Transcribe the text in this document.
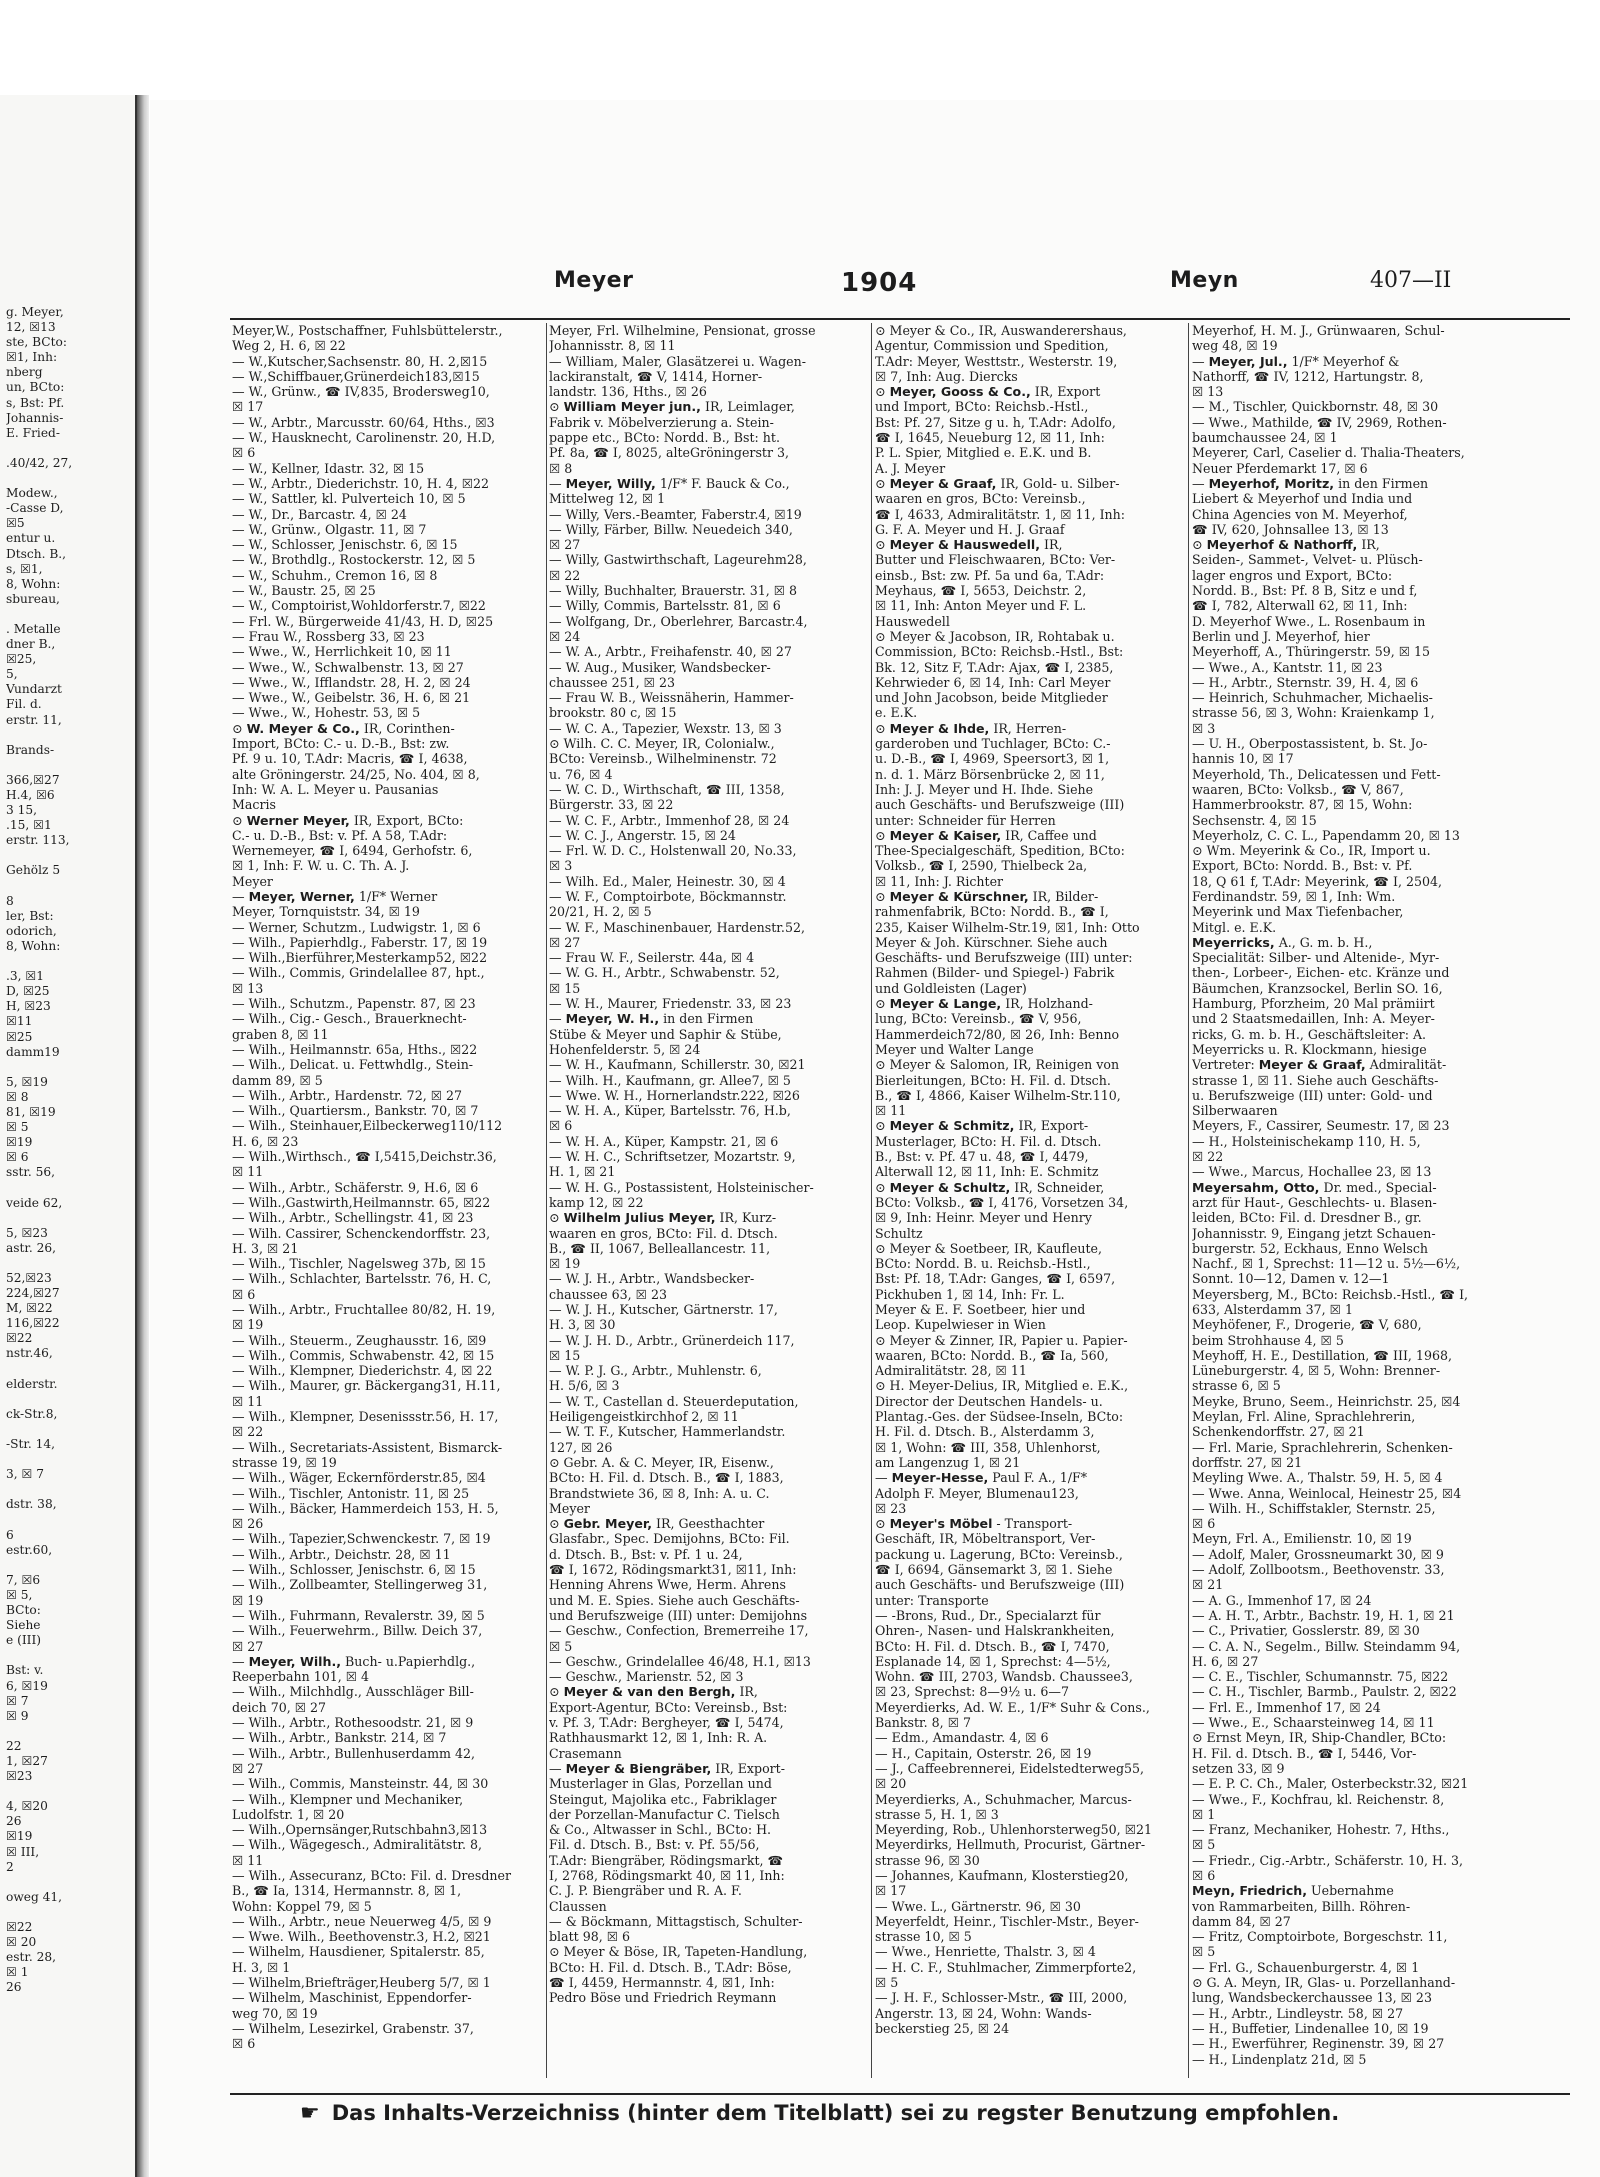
g. Meyer,
12, ☒13
ste, BCto:
☒1, Inh:
nberg
un, BCto:
s, Bst: Pf.
Johannis-
E. Fried-
.40/42, 27,
Modew.,
-Casse D,
☒5
entur u.
Dtsch. B.,
s, ☒1,
8, Wohn:
sbureau,
. Metalle
dner B.,
☒25,
5,
Vundarzt
Fil. d.
erstr. 11,
Brands-
366,☒27
H.4, ☒6
3 15,
.15, ☒1
erstr. 113,
Gehölz 5
8
ler, Bst:
odorich,
8, Wohn:
.3, ☒1
D, ☒25
H, ☒23
☒11
☒25
damm19
5, ☒19
☒ 8
81, ☒19
☒ 5
☒19
☒ 6
sstr. 56,
veide 62,
5, ☒23
astr. 26,
52,☒23
224,☒27
M, ☒22
116,☒22
☒22
nstr.46,
elderstr.
ck-Str.8,
-Str. 14,
3, ☒ 7
dstr. 38,
6
estr.60,
7, ☒6
☒ 5,
BCto:
Siehe
e (III)
Bst: v.
6, ☒19
☒ 7
☒ 9
22
1, ☒27
☒23
4, ☒20
26
☒19
☒ III,
2
oweg 41,
☒22
☒ 20
estr. 28,
☒ 1
26
Meyer	1904	Meyn	407—II
Meyer,W., Postschaffner, Fuhlsbüttelerstr.,
Weg 2, H. 6, ☒ 22
— W.,Kutscher,Sachsenstr. 80, H. 2,☒15
— W.,Schiffbauer,Grünerdeich183,☒15
— W., Grünw., ☎ IV,835, Brodersweg10,
☒ 17
— W., Arbtr., Marcusstr. 60/64, Hths., ☒3
— W., Hausknecht, Carolinenstr. 20, H.D,
☒ 6
— W., Kellner, Idastr. 32, ☒ 15
— W., Arbtr., Diederichstr. 10, H. 4, ☒22
— W., Sattler, kl. Pulverteich 10, ☒ 5
— W., Dr., Barcastr. 4, ☒ 24
— W., Grünw., Olgastr. 11, ☒ 7
— W., Schlosser, Jenischstr. 6, ☒ 15
— W., Brothdlg., Rostockerstr. 12, ☒ 5
— W., Schuhm., Cremon 16, ☒ 8
— W., Baustr. 25, ☒ 25
— W., Comptoirist,Wohldorferstr.7, ☒22
— Frl. W., Bürgerweide 41/43, H. D, ☒25
— Frau W., Rossberg 33, ☒ 23
— Wwe., W., Herrlichkeit 10, ☒ 11
— Wwe., W., Schwalbenstr. 13, ☒ 27
— Wwe., W., Ifflandstr. 28, H. 2, ☒ 24
— Wwe., W., Geibelstr. 36, H. 6, ☒ 21
— Wwe., W., Hohestr. 53, ☒ 5
⊙ W. Meyer & Co., IR, Corinthen-
Import, BCto: C.- u. D.-B., Bst: zw.
Pf. 9 u. 10, T.Adr: Macris, ☎ I, 4638,
alte Gröningerstr. 24/25, No. 404, ☒ 8,
Inh: W. A. L. Meyer u. Pausanias
Macris
⊙ Werner Meyer, IR, Export, BCto:
C.- u. D.-B., Bst: v. Pf. A 58, T.Adr:
Wernemeyer, ☎ I, 6494, Gerhofstr. 6,
☒ 1, Inh: F. W. u. C. Th. A. J.
Meyer
— Meyer, Werner, 1/F* Werner
Meyer, Tornquiststr. 34, ☒ 19
— Werner, Schutzm., Ludwigstr. 1, ☒ 6
— Wilh., Papierhdlg., Faberstr. 17, ☒ 19
— Wilh.,Bierführer,Mesterkamp52, ☒22
— Wilh., Commis, Grindelallee 87, hpt.,
☒ 13
— Wilh., Schutzm., Papenstr. 87, ☒ 23
— Wilh., Cig.- Gesch., Brauerknecht-
graben 8, ☒ 11
— Wilh., Heilmannstr. 65a, Hths., ☒22
— Wilh., Delicat. u. Fettwhdlg., Stein-
damm 89, ☒ 5
— Wilh., Arbtr., Hardenstr. 72, ☒ 27
— Wilh., Quartiersm., Bankstr. 70, ☒ 7
— Wilh., Steinhauer,Eilbeckerweg110/112
H. 6, ☒ 23
— Wilh.,Wirthsch., ☎ I,5415,Deichstr.36,
☒ 11
— Wilh., Arbtr., Schäferstr. 9, H.6, ☒ 6
— Wilh.,Gastwirth,Heilmannstr. 65, ☒22
— Wilh., Arbtr., Schellingstr. 41, ☒ 23
— Wilh. Cassirer, Schenckendorffstr. 23,
H. 3, ☒ 21
— Wilh., Tischler, Nagelsweg 37b, ☒ 15
— Wilh., Schlachter, Bartelsstr. 76, H. C,
☒ 6
— Wilh., Arbtr., Fruchtallee 80/82, H. 19,
☒ 19
— Wilh., Steuerm., Zeughausstr. 16, ☒9
— Wilh., Commis, Schwabenstr. 42, ☒ 15
— Wilh., Klempner, Diederichstr. 4, ☒ 22
— Wilh., Maurer, gr. Bäckergang31, H.11,
☒ 11
— Wilh., Klempner, Desenissstr.56, H. 17,
☒ 22
— Wilh., Secretariats-Assistent, Bismarck-
strasse 19, ☒ 19
— Wilh., Wäger, Eckernförderstr.85, ☒4
— Wilh., Tischler, Antonistr. 11, ☒ 25
— Wilh., Bäcker, Hammerdeich 153, H. 5,
☒ 26
— Wilh., Tapezier,Schwenckestr. 7, ☒ 19
— Wilh., Arbtr., Deichstr. 28, ☒ 11
— Wilh., Schlosser, Jenischstr. 6, ☒ 15
— Wilh., Zollbeamter, Stellingerweg 31,
☒ 19
— Wilh., Fuhrmann, Revalerstr. 39, ☒ 5
— Wilh., Feuerwehrm., Billw. Deich 37,
☒ 27
— Meyer, Wilh., Buch- u.Papierhdlg.,
Reeperbahn 101, ☒ 4
— Wilh., Milchhdlg., Ausschläger Bill-
deich 70, ☒ 27
— Wilh., Arbtr., Rothesoodstr. 21, ☒ 9
— Wilh., Arbtr., Bankstr. 214, ☒ 7
— Wilh., Arbtr., Bullenhuserdamm 42,
☒ 27
— Wilh., Commis, Mansteinstr. 44, ☒ 30
— Wilh., Klempner und Mechaniker,
Ludolfstr. 1, ☒ 20
— Wilh.,Opernsänger,Rutschbahn3,☒13
— Wilh., Wägegesch., Admiralitätstr. 8,
☒ 11
— Wilh., Assecuranz, BCto: Fil. d. Dresdner
B., ☎ Ia, 1314, Hermannstr. 8, ☒ 1,
Wohn: Koppel 79, ☒ 5
— Wilh., Arbtr., neue Neuerweg 4/5, ☒ 9
— Wwe. Wilh., Beethovenstr.3, H.2, ☒21
— Wilhelm, Hausdiener, Spitalerstr. 85,
H. 3, ☒ 1
— Wilhelm,Briefträger,Heuberg 5/7, ☒ 1
— Wilhelm, Maschinist, Eppendorfer-
weg 70, ☒ 19
— Wilhelm, Lesezirkel, Grabenstr. 37,
☒ 6
Meyer, Frl. Wilhelmine, Pensionat, grosse
Johannisstr. 8, ☒ 11
— William, Maler, Glasätzerei u. Wagen-
lackiranstalt, ☎ V, 1414, Horner-
landstr. 136, Hths., ☒ 26
⊙ William Meyer jun., IR, Leimlager,
Fabrik v. Möbelverzierung a. Stein-
pappe etc., BCto: Nordd. B., Bst: ht.
Pf. 8a, ☎ I, 8025, alteGröningerstr 3,
☒ 8
— Meyer, Willy, 1/F* F. Bauck & Co.,
Mittelweg 12, ☒ 1
— Willy, Vers.-Beamter, Faberstr.4, ☒19
— Willy, Färber, Billw. Neuedeich 340,
☒ 27
— Willy, Gastwirthschaft, Lageurehm28,
☒ 22
— Willy, Buchhalter, Brauerstr. 31, ☒ 8
— Willy, Commis, Bartelsstr. 81, ☒ 6
— Wolfgang, Dr., Oberlehrer, Barcastr.4,
☒ 24
— W. A., Arbtr., Freihafenstr. 40, ☒ 27
— W. Aug., Musiker, Wandsbecker-
chaussee 251, ☒ 23
— Frau W. B., Weissnäherin, Hammer-
brookstr. 80 c, ☒ 15
— W. C. A., Tapezier, Wexstr. 13, ☒ 3
⊙ Wilh. C. C. Meyer, IR, Colonialw.,
BCto: Vereinsb., Wilhelminenstr. 72
u. 76, ☒ 4
— W. C. D., Wirthschaft, ☎ III, 1358,
Bürgerstr. 33, ☒ 22
— W. C. F., Arbtr., Immenhof 28, ☒ 24
— W. C. J., Angerstr. 15, ☒ 24
— Frl. W. D. C., Holstenwall 20, No.33,
☒ 3
— Wilh. Ed., Maler, Heinestr. 30, ☒ 4
— W. F., Comptoirbote, Böckmannstr.
20/21, H. 2, ☒ 5
— W. F., Maschinenbauer, Hardenstr.52,
☒ 27
— Frau W. F., Seilerstr. 44a, ☒ 4
— W. G. H., Arbtr., Schwabenstr. 52,
☒ 15
— W. H., Maurer, Friedenstr. 33, ☒ 23
— Meyer, W. H., in den Firmen
Stübe & Meyer und Saphir & Stübe,
Hohenfelderstr. 5, ☒ 24
— W. H., Kaufmann, Schillerstr. 30, ☒21
— Wilh. H., Kaufmann, gr. Allee7, ☒ 5
— Wwe. W. H., Hornerlandstr.222, ☒26
— W. H. A., Küper, Bartelsstr. 76, H.b,
☒ 6
— W. H. A., Küper, Kampstr. 21, ☒ 6
— W. H. C., Schriftsetzer, Mozartstr. 9,
H. 1, ☒ 21
— W. H. G., Postassistent, Holsteinischer-
kamp 12, ☒ 22
⊙ Wilhelm Julius Meyer, IR, Kurz-
waaren en gros, BCto: Fil. d. Dtsch.
B., ☎ II, 1067, Belleallancestr. 11,
☒ 19
— W. J. H., Arbtr., Wandsbecker-
chaussee 63, ☒ 23
— W. J. H., Kutscher, Gärtnerstr. 17,
H. 3, ☒ 30
— W. J. H. D., Arbtr., Grünerdeich 117,
☒ 15
— W. P. J. G., Arbtr., Muhlenstr. 6,
H. 5/6, ☒ 3
— W. T., Castellan d. Steuerdeputation,
Heiligengeistkirchhof 2, ☒ 11
— W. T. F., Kutscher, Hammerlandstr.
127, ☒ 26
⊙ Gebr. A. & C. Meyer, IR, Eisenw.,
BCto: H. Fil. d. Dtsch. B., ☎ I, 1883,
Brandstwiete 36, ☒ 8, Inh: A. u. C.
Meyer
⊙ Gebr. Meyer, IR, Geesthachter
Glasfabr., Spec. Demijohns, BCto: Fil.
d. Dtsch. B., Bst: v. Pf. 1 u. 24,
☎ I, 1672, Rödingsmarkt31, ☒11, Inh:
Henning Ahrens Wwe, Herm. Ahrens
und M. E. Spies. Siehe auch Geschäfts-
und Berufszweige (III) unter: Demijohns
— Geschw., Confection, Bremerreihe 17,
☒ 5
— Geschw., Grindelallee 46/48, H.1, ☒13
— Geschw., Marienstr. 52, ☒ 3
⊙ Meyer & van den Bergh, IR,
Export-Agentur, BCto: Vereinsb., Bst:
v. Pf. 3, T.Adr: Bergheyer, ☎ I, 5474,
Rathhausmarkt 12, ☒ 1, Inh: R. A.
Crasemann
— Meyer & Biengräber, IR, Export-
Musterlager in Glas, Porzellan und
Steingut, Majolika etc., Fabriklager
der Porzellan-Manufactur C. Tielsch
& Co., Altwasser in Schl., BCto: H.
Fil. d. Dtsch. B., Bst: v. Pf. 55/56,
T.Adr: Biengräber, Rödingsmarkt, ☎
I, 2768, Rödingsmarkt 40, ☒ 11, Inh:
C. J. P. Biengräber und R. A. F.
Claussen
— & Böckmann, Mittagstisch, Schulter-
blatt 98, ☒ 6
⊙ Meyer & Böse, IR, Tapeten-Handlung,
BCto: H. Fil. d. Dtsch. B., T.Adr: Böse,
☎ I, 4459, Hermannstr. 4, ☒1, Inh:
Pedro Böse und Friedrich Reymann
⊙ Meyer & Co., IR, Auswanderershaus,
Agentur, Commission und Spedition,
T.Adr: Meyer, Westtstr., Westerstr. 19,
☒ 7, Inh: Aug. Diercks
⊙ Meyer, Gooss & Co., IR, Export
und Import, BCto: Reichsb.-Hstl.,
Bst: Pf. 27, Sitze g u. h, T.Adr: Adolfo,
☎ I, 1645, Neueburg 12, ☒ 11, Inh:
P. L. Spier, Mitglied e. E.K. und B.
A. J. Meyer
⊙ Meyer & Graaf, IR, Gold- u. Silber-
waaren en gros, BCto: Vereinsb.,
☎ I, 4633, Admiralitätstr. 1, ☒ 11, Inh:
G. F. A. Meyer und H. J. Graaf
⊙ Meyer & Hauswedell, IR,
Butter und Fleischwaaren, BCto: Ver-
einsb., Bst: zw. Pf. 5a und 6a, T.Adr:
Meyhaus, ☎ I, 5653, Deichstr. 2,
☒ 11, Inh: Anton Meyer und F. L.
Hauswedell
⊙ Meyer & Jacobson, IR, Rohtabak u.
Commission, BCto: Reichsb.-Hstl., Bst:
Bk. 12, Sitz F, T.Adr: Ajax, ☎ I, 2385,
Kehrwieder 6, ☒ 14, Inh: Carl Meyer
und John Jacobson, beide Mitglieder
e. E.K.
⊙ Meyer & Ihde, IR, Herren-
garderoben und Tuchlager, BCto: C.-
u. D.-B., ☎ I, 4969, Speersort3, ☒ 1,
n. d. 1. März Börsenbrücke 2, ☒ 11,
Inh: J. J. Meyer und H. Ihde. Siehe
auch Geschäfts- und Berufszweige (III)
unter: Schneider für Herren
⊙ Meyer & Kaiser, IR, Caffee und
Thee-Specialgeschäft, Spedition, BCto:
Volksb., ☎ I, 2590, Thielbeck 2a,
☒ 11, Inh: J. Richter
⊙ Meyer & Kürschner, IR, Bilder-
rahmenfabrik, BCto: Nordd. B., ☎ I,
235, Kaiser Wilhelm-Str.19, ☒1, Inh: Otto
Meyer & Joh. Kürschner. Siehe auch
Geschäfts- und Berufszweige (III) unter:
Rahmen (Bilder- und Spiegel-) Fabrik
und Goldleisten (Lager)
⊙ Meyer & Lange, IR, Holzhand-
lung, BCto: Vereinsb., ☎ V, 956,
Hammerdeich72/80, ☒ 26, Inh: Benno
Meyer und Walter Lange
⊙ Meyer & Salomon, IR, Reinigen von
Bierleitungen, BCto: H. Fil. d. Dtsch.
B., ☎ I, 4866, Kaiser Wilhelm-Str.110,
☒ 11
⊙ Meyer & Schmitz, IR, Export-
Musterlager, BCto: H. Fil. d. Dtsch.
B., Bst: v. Pf. 47 u. 48, ☎ I, 4479,
Alterwall 12, ☒ 11, Inh: E. Schmitz
⊙ Meyer & Schultz, IR, Schneider,
BCto: Volksb., ☎ I, 4176, Vorsetzen 34,
☒ 9, Inh: Heinr. Meyer und Henry
Schultz
⊙ Meyer & Soetbeer, IR, Kaufleute,
BCto: Nordd. B. u. Reichsb.-Hstl.,
Bst: Pf. 18, T.Adr: Ganges, ☎ I, 6597,
Pickhuben 1, ☒ 14, Inh: Fr. L.
Meyer & E. F. Soetbeer, hier und
Leop. Kupelwieser in Wien
⊙ Meyer & Zinner, IR, Papier u. Papier-
waaren, BCto: Nordd. B., ☎ Ia, 560,
Admiralitätstr. 28, ☒ 11
⊙ H. Meyer-Delius, IR, Mitglied e. E.K.,
Director der Deutschen Handels- u.
Plantag.-Ges. der Südsee-Inseln, BCto:
H. Fil. d. Dtsch. B., Alsterdamm 3,
☒ 1, Wohn: ☎ III, 358, Uhlenhorst,
am Langenzug 1, ☒ 21
— Meyer-Hesse, Paul F. A., 1/F*
Adolph F. Meyer, Blumenau123,
☒ 23
⊙ Meyer's Möbel - Transport-
Geschäft, IR, Möbeltransport, Ver-
packung u. Lagerung, BCto: Vereinsb.,
☎ I, 6694, Gänsemarkt 3, ☒ 1. Siehe
auch Geschäfts- und Berufszweige (III)
unter: Transporte
— -Brons, Rud., Dr., Specialarzt für
Ohren-, Nasen- und Halskrankheiten,
BCto: H. Fil. d. Dtsch. B., ☎ I, 7470,
Esplanade 14, ☒ 1, Sprechst: 4—5½,
Wohn. ☎ III, 2703, Wandsb. Chaussee3,
☒ 23, Sprechst: 8—9½ u. 6—7
Meyerdierks, Ad. W. E., 1/F* Suhr & Cons.,
Bankstr. 8, ☒ 7
— Edm., Amandastr. 4, ☒ 6
— H., Capitain, Osterstr. 26, ☒ 19
— J., Caffeebrennerei, Eidelstedterweg55,
☒ 20
Meyerdierks, A., Schuhmacher, Marcus-
strasse 5, H. 1, ☒ 3
Meyerding, Rob., Uhlenhorsterweg50, ☒21
Meyerdirks, Hellmuth, Procurist, Gärtner-
strasse 96, ☒ 30
— Johannes, Kaufmann, Klosterstieg20,
☒ 17
— Wwe. L., Gärtnerstr. 96, ☒ 30
Meyerfeldt, Heinr., Tischler-Mstr., Beyer-
strasse 10, ☒ 5
— Wwe., Henriette, Thalstr. 3, ☒ 4
— H. C. F., Stuhlmacher, Zimmerpforte2,
☒ 5
— J. H. F., Schlosser-Mstr., ☎ III, 2000,
Angerstr. 13, ☒ 24, Wohn: Wands-
beckerstieg 25, ☒ 24
Meyerhof, H. M. J., Grünwaaren, Schul-
weg 48, ☒ 19
— Meyer, Jul., 1/F* Meyerhof &
Nathorff, ☎ IV, 1212, Hartungstr. 8,
☒ 13
— M., Tischler, Quickbornstr. 48, ☒ 30
— Wwe., Mathilde, ☎ IV, 2969, Rothen-
baumchaussee 24, ☒ 1
Meyerer, Carl, Caselier d. Thalia-Theaters,
Neuer Pferdemarkt 17, ☒ 6
— Meyerhof, Moritz, in den Firmen
Liebert & Meyerhof und India und
China Agencies von M. Meyerhof,
☎ IV, 620, Johnsallee 13, ☒ 13
⊙ Meyerhof & Nathorff, IR,
Seiden-, Sammet-, Velvet- u. Plüsch-
lager engros und Export, BCto:
Nordd. B., Bst: Pf. 8 B, Sitz e und f,
☎ I, 782, Alterwall 62, ☒ 11, Inh:
D. Meyerhof Wwe., L. Rosenbaum in
Berlin und J. Meyerhof, hier
Meyerhoff, A., Thüringerstr. 59, ☒ 15
— Wwe., A., Kantstr. 11, ☒ 23
— H., Arbtr., Sternstr. 39, H. 4, ☒ 6
— Heinrich, Schuhmacher, Michaelis-
strasse 56, ☒ 3, Wohn: Kraienkamp 1,
☒ 3
— U. H., Oberpostassistent, b. St. Jo-
hannis 10, ☒ 17
Meyerhold, Th., Delicatessen und Fett-
waaren, BCto: Volksb., ☎ V, 867,
Hammerbrookstr. 87, ☒ 15, Wohn:
Sechsenstr. 4, ☒ 15
Meyerholz, C. C. L., Papendamm 20, ☒ 13
⊙ Wm. Meyerink & Co., IR, Import u.
Export, BCto: Nordd. B., Bst: v. Pf.
18, Q 61 f, T.Adr: Meyerink, ☎ I, 2504,
Ferdinandstr. 59, ☒ 1, Inh: Wm.
Meyerink und Max Tiefenbacher,
Mitgl. e. E.K.
Meyerricks, A., G. m. b. H.,
Specialität: Silber- und Altenide-, Myr-
then-, Lorbeer-, Eichen- etc. Kränze und
Bäumchen, Kranzsockel, Berlin SO. 16,
Hamburg, Pforzheim, 20 Mal prämiirt
und 2 Staatsmedaillen, Inh: A. Meyer-
ricks, G. m. b. H., Geschäftsleiter: A.
Meyerricks u. R. Klockmann, hiesige
Vertreter: Meyer & Graaf, Admiralität-
strasse 1, ☒ 11. Siehe auch Geschäfts-
u. Berufszweige (III) unter: Gold- und
Silberwaaren
Meyers, F., Cassirer, Seumestr. 17, ☒ 23
— H., Holsteinischekamp 110, H. 5,
☒ 22
— Wwe., Marcus, Hochallee 23, ☒ 13
Meyersahm, Otto, Dr. med., Special-
arzt für Haut-, Geschlechts- u. Blasen-
leiden, BCto: Fil. d. Dresdner B., gr.
Johannisstr. 9, Eingang jetzt Schauen-
burgerstr. 52, Eckhaus, Enno Welsch
Nachf., ☒ 1, Sprechst: 11—12 u. 5½—6½,
Sonnt. 10—12, Damen v. 12—1
Meyersberg, M., BCto: Reichsb.-Hstl., ☎ I,
633, Alsterdamm 37, ☒ 1
Meyhöfener, F., Drogerie, ☎ V, 680,
beim Strohhause 4, ☒ 5
Meyhoff, H. E., Destillation, ☎ III, 1968,
Lüneburgerstr. 4, ☒ 5, Wohn: Brenner-
strasse 6, ☒ 5
Meyke, Bruno, Seem., Heinrichstr. 25, ☒4
Meylan, Frl. Aline, Sprachlehrerin,
Schenkendorffstr. 27, ☒ 21
— Frl. Marie, Sprachlehrerin, Schenken-
dorffstr. 27, ☒ 21
Meyling Wwe. A., Thalstr. 59, H. 5, ☒ 4
— Wwe. Anna, Weinlocal, Heinestr 25, ☒4
— Wilh. H., Schiffstakler, Sternstr. 25,
☒ 6
Meyn, Frl. A., Emilienstr. 10, ☒ 19
— Adolf, Maler, Grossneumarkt 30, ☒ 9
— Adolf, Zollbootsm., Beethovenstr. 33,
☒ 21
— A. G., Immenhof 17, ☒ 24
— A. H. T., Arbtr., Bachstr. 19, H. 1, ☒ 21
— C., Privatier, Gosslerstr. 89, ☒ 30
— C. A. N., Segelm., Billw. Steindamm 94,
H. 6, ☒ 27
— C. E., Tischler, Schumannstr. 75, ☒22
— C. H., Tischler, Barmb., Paulstr. 2, ☒22
— Frl. E., Immenhof 17, ☒ 24
— Wwe., E., Schaarsteinweg 14, ☒ 11
⊙ Ernst Meyn, IR, Ship-Chandler, BCto:
H. Fil. d. Dtsch. B., ☎ I, 5446, Vor-
setzen 33, ☒ 9
— E. P. C. Ch., Maler, Osterbeckstr.32, ☒21
— Wwe., F., Kochfrau, kl. Reichenstr. 8,
☒ 1
— Franz, Mechaniker, Hohestr. 7, Hths.,
☒ 5
— Friedr., Cig.-Arbtr., Schäferstr. 10, H. 3,
☒ 6
Meyn, Friedrich, Uebernahme
von Rammarbeiten, Billh. Röhren-
damm 84, ☒ 27
— Fritz, Comptoirbote, Borgeschstr. 11,
☒ 5
— Frl. G., Schauenburgerstr. 4, ☒ 1
⊙ G. A. Meyn, IR, Glas- u. Porzellanhand-
lung, Wandsbeckerchaussee 13, ☒ 23
— H., Arbtr., Lindleystr. 58, ☒ 27
— H., Buffetier, Lindenallee 10, ☒ 19
— H., Ewerführer, Reginenstr. 39, ☒ 27
— H., Lindenplatz 21d, ☒ 5
☛ Das Inhalts-Verzeichniss (hinter dem Titelblatt) sei zu regster Benutzung empfohlen.
